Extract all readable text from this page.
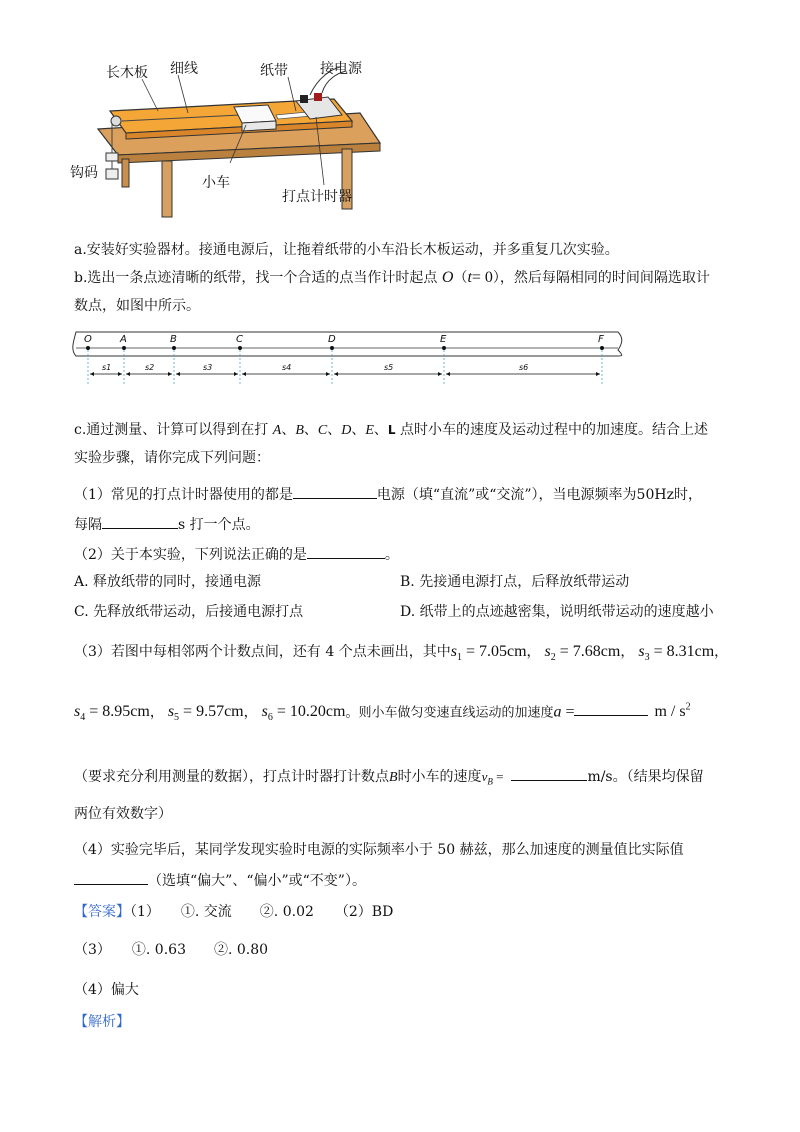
长木板 细线	纸带 接电源
钩码
小车
打点计时器
a.安装好实验器材。接通电源后，让拖着纸带的小车沿长木板运动，并多重复几次实验。
b.选出一条点迹清晰的纸带，找一个合适的点当作计时起点 O（t= 0），然后每隔相同的时间间隔选取计
数点，如图中所示。
O	A	B	C	D	E	F
s1	s2	s3	s4	s5	s6
c.通过测量、计算可以得到在打 A、B、C、D、E、L 点时小车的速度及运动过程中的加速度。结合上述
实验步骤，请你完成下列问题：
（1）常见的打点计时器使用的都是	电源（填“直流”或“交流”），当电源频率为50Hz时，
每隔	s 打一个点。
（2）关于本实验，下列说法正确的是	。
A. 释放纸带的同时，接通电源	B. 先接通电源打点，后释放纸带运动
C. 先释放纸带运动，后接通电源打点	D. 纸带上的点迹越密集，说明纸带运动的速度越小
（3）若图中每相邻两个计数点间，还有 4 个点未画出，其中$s_1 = 7.05cm$， $s_2 = 7.68cm$， $s_3 = 8.31cm$，
$s_4 = 8.95cm$， $s_5 = 9.57cm$， $s_6 = 10.20cm$。则小车做匀变速直线运动的加速度a =	m / $s^2$
（要求充分利用测量的数据），打点计时器打计数点B时小车的速度$v_B$ =	m/s。（结果均保留
两位有效数字）
（4）实验完毕后，某同学发现实验时电源的实际频率小于 50 赫兹，那么加速度的测量值比实际值
（选填“偏大”、“偏小”或“不变”）。
【答案】（1）　　①. 交流　　②. 0.02　　（2）BD
（3）　　①. 0.63　　②. 0.80
（4）偏大
【解析】
